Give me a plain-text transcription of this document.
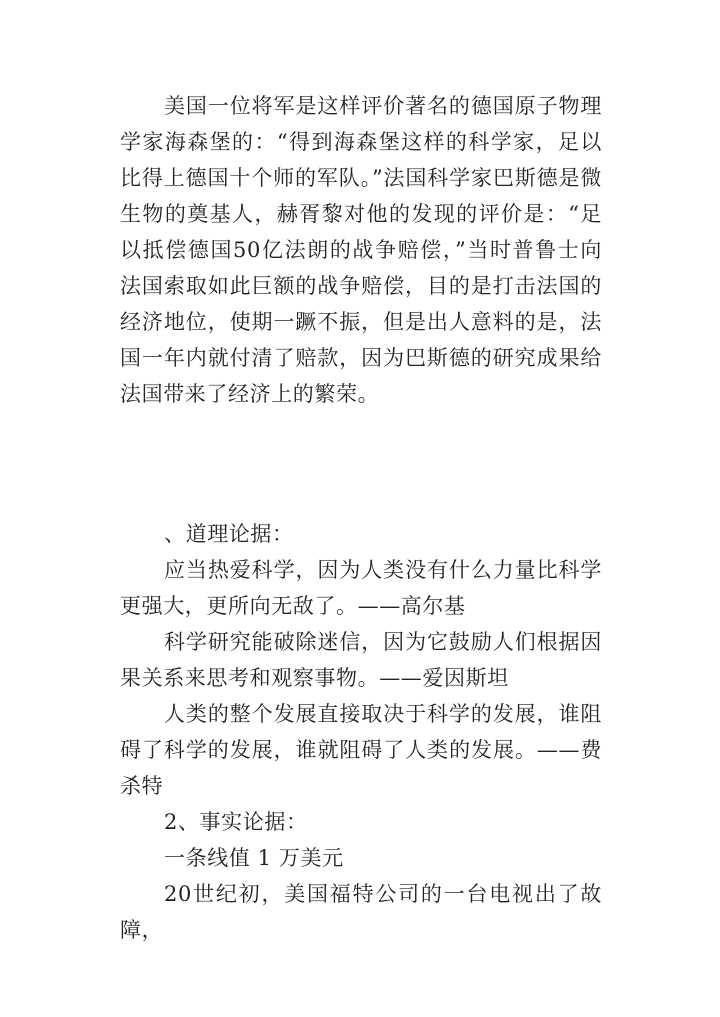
美国一位将军是这样评价著名的德国原子物理学家海森堡的：“得到海森堡这样的科学家，足以比得上德国十个师的军队。”法国科学家巴斯德是微生物的奠基人，赫胥黎对他的发现的评价是：“足以抵偿德国50亿法朗的战争赔偿，”当时普鲁士向法国索取如此巨额的战争赔偿，目的是打击法国的经济地位，使期一蹶不振，但是出人意料的是，法国一年内就付清了赔款，因为巴斯德的研究成果给法国带来了经济上的繁荣。

、道理论据：

应当热爱科学，因为人类没有什么力量比科学更强大，更所向无敌了。——高尔基

科学研究能破除迷信，因为它鼓励人们根据因果关系来思考和观察事物。——爱因斯坦

人类的整个发展直接取决于科学的发展，谁阻碍了科学的发展，谁就阻碍了人类的发展。——费杀特

2、事实论据：

一条线值 1 万美元

20世纪初，美国福特公司的一台电视出了故障，
